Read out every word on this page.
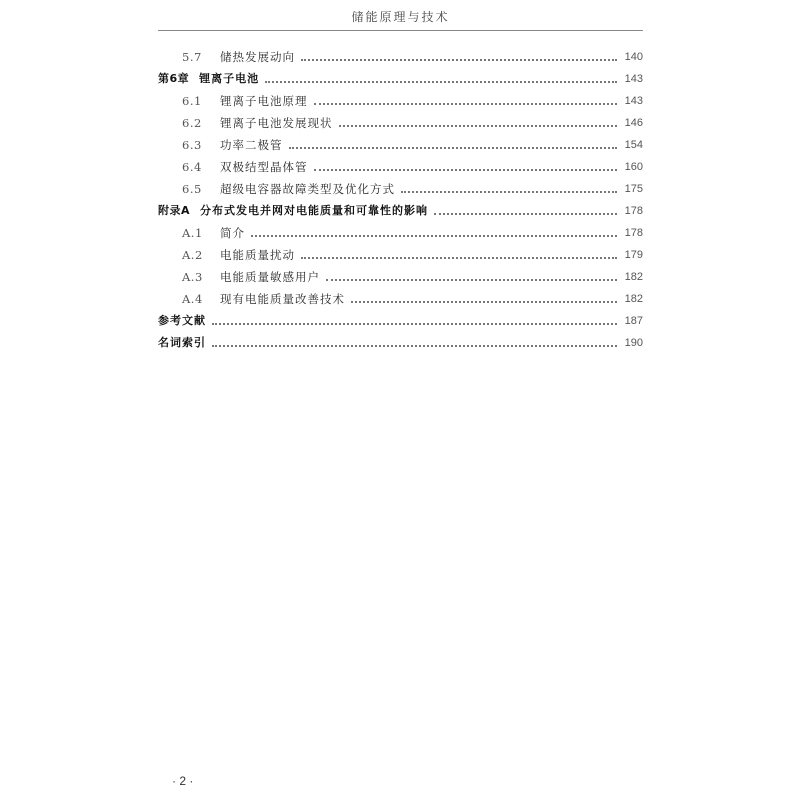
储能原理与技术
5.7	储热发展动向	140
第6章 锂离子电池	143
6.1	锂离子电池原理	143
6.2	锂离子电池发展现状	146
6.3	功率二极管	154
6.4	双极结型晶体管	160
6.5	超级电容器故障类型及优化方式	175
附录A 分布式发电并网对电能质量和可靠性的影响	178
A.1	简介	178
A.2	电能质量扰动	179
A.3	电能质量敏感用户	182
A.4	现有电能质量改善技术	182
参考文献	187
名词索引	190
· 2 ·
